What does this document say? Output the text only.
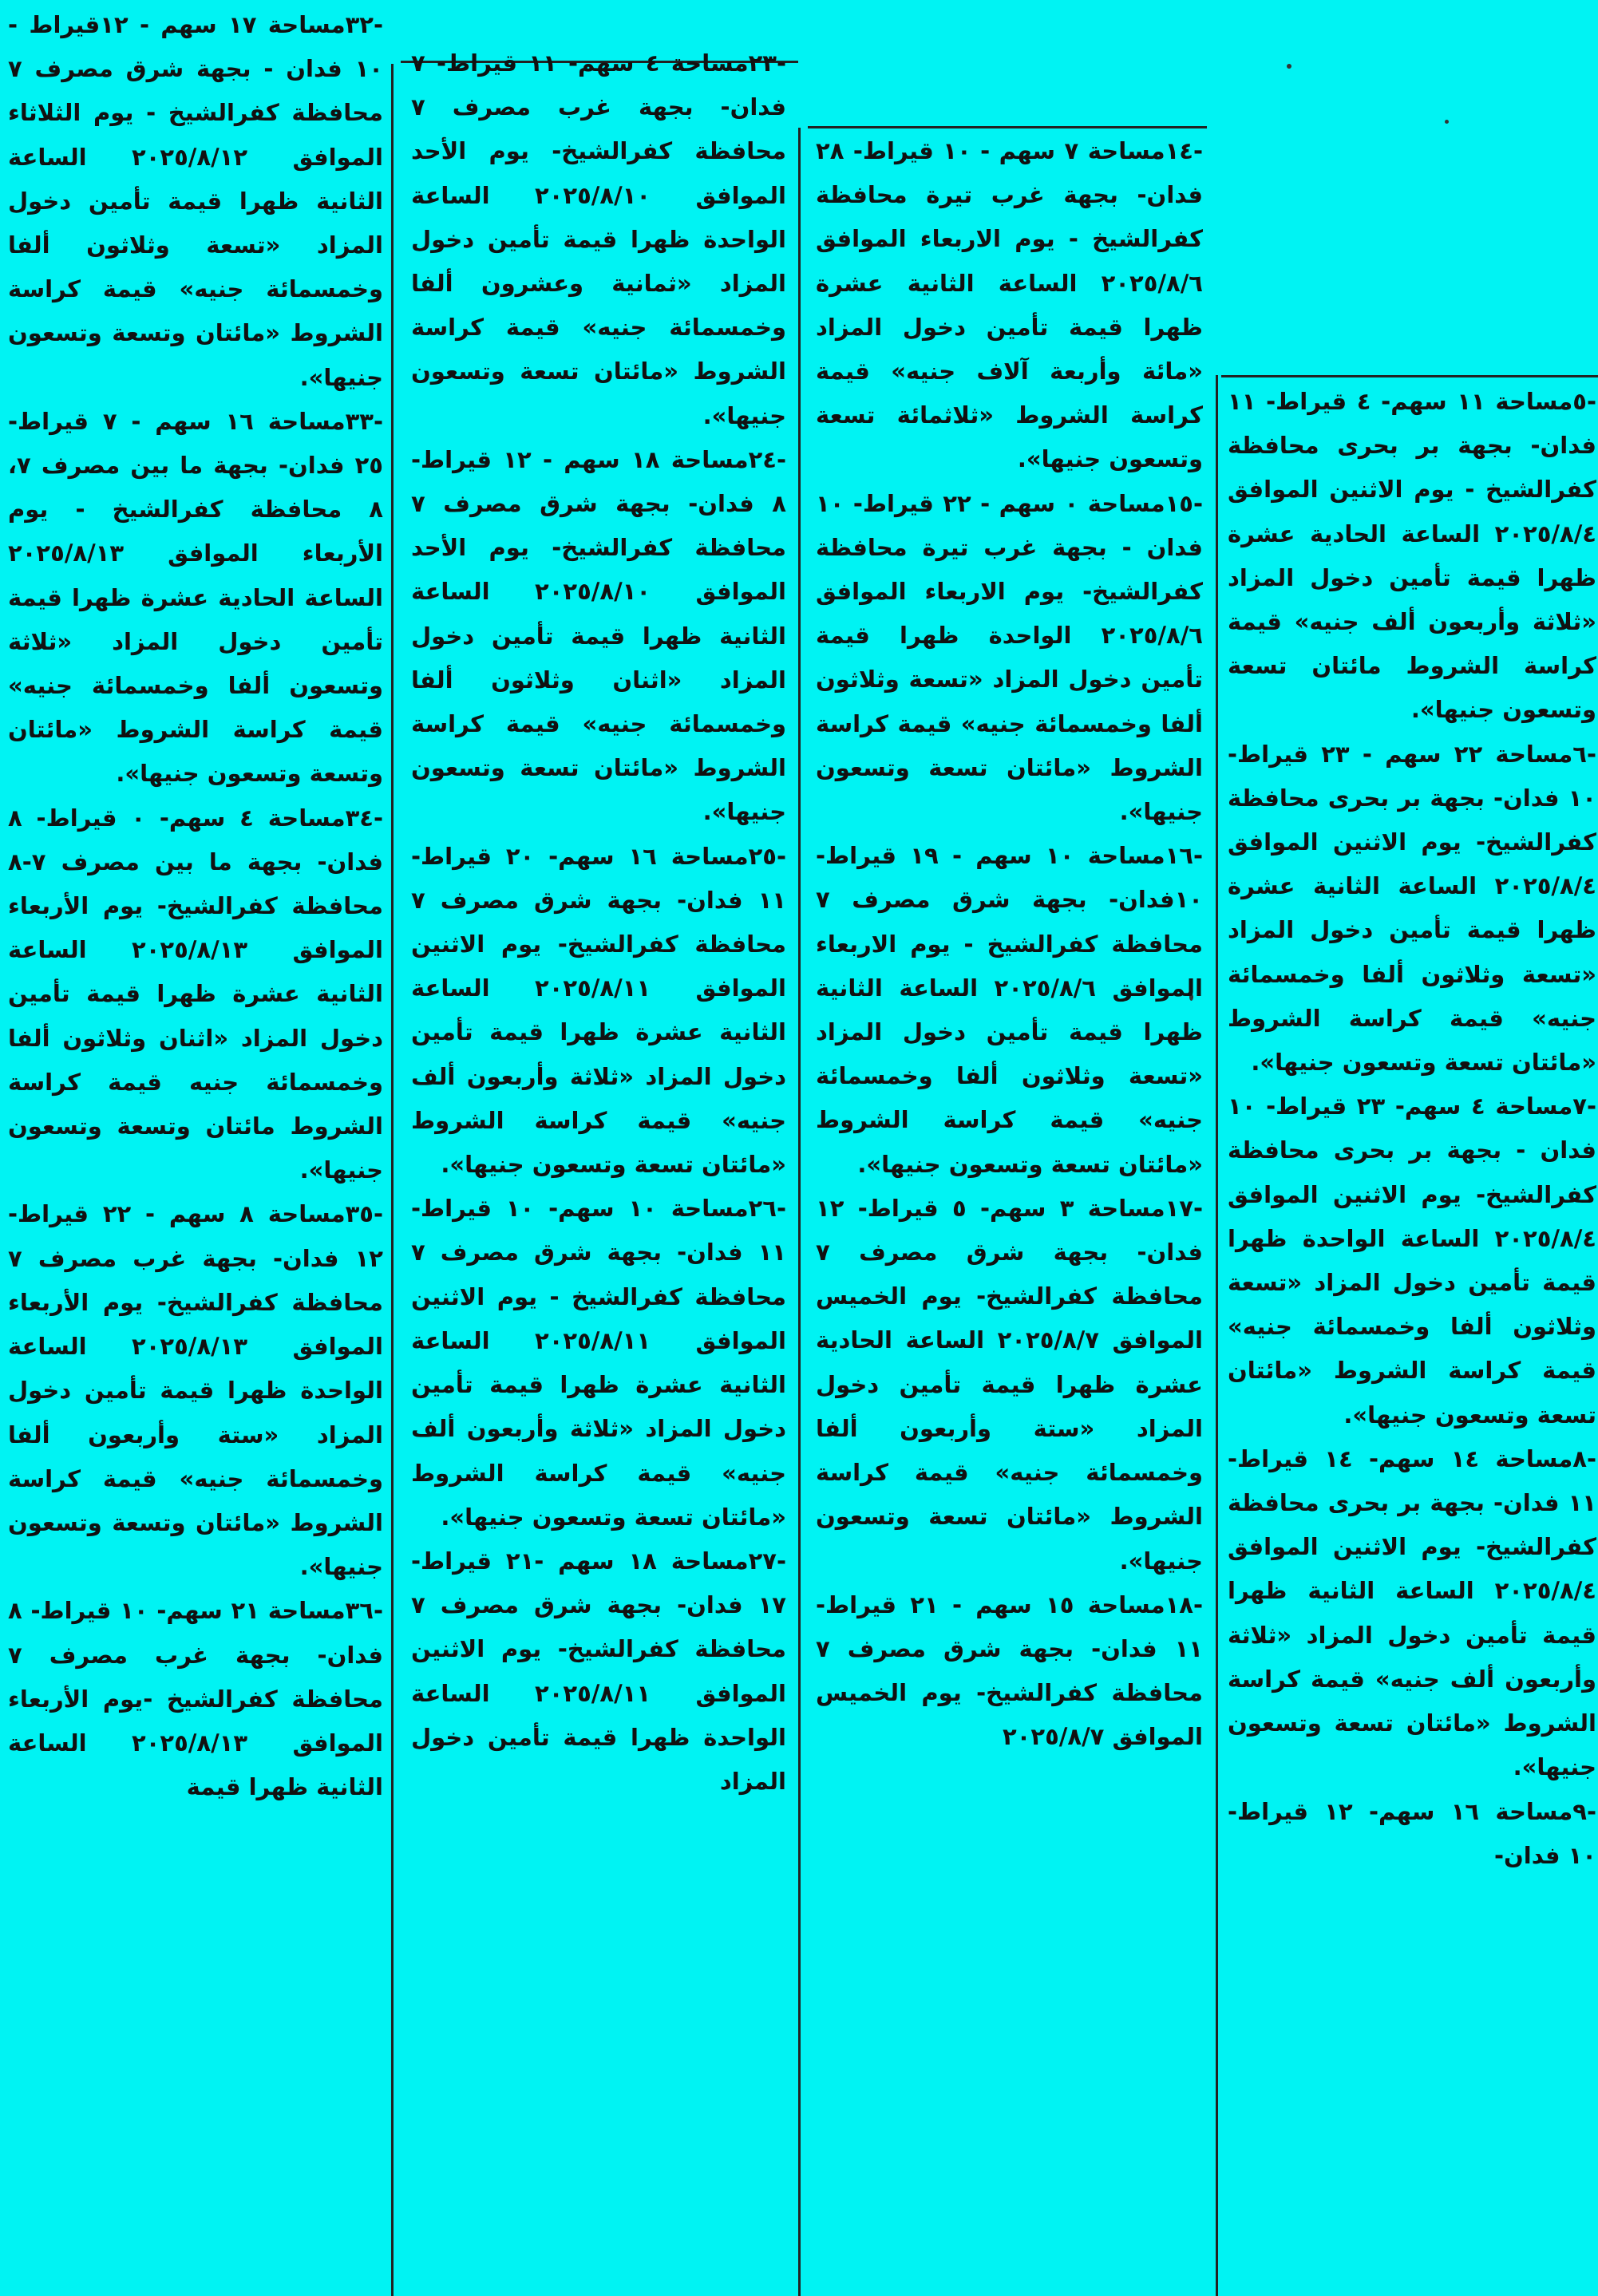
-٣٢مساحة ١٧ سهم - ١٢قيراط - ١٠ فدان - بجهة شرق مصرف ٧ محافظة كفرالشيخ - يوم الثلاثاء الموافق ٢٠٢٥/٨/١٢ الساعة الثانية ظهرا قيمة تأمين دخول المزاد «تسعة وثلاثون ألفا وخمسمائة جنيه» قيمة كراسة الشروط «مائتان وتسعة وتسعون جنيها».

-٣٣مساحة ١٦ سهم - ٧ قيراط- ٢٥ فدان- بجهة ما بين مصرف ٧، ٨ محافظة كفرالشيخ - يوم الأربعاء الموافق ٢٠٢٥/٨/١٣ الساعة الحادية عشرة ظهرا قيمة تأمين دخول المزاد «ثلاثة وتسعون ألفا وخمسمائة جنيه» قيمة كراسة الشروط «مائتان وتسعة وتسعون جنيها».

-٣٤مساحة ٤ سهم- ٠ قيراط- ٨ فدان- بجهة ما بين مصرف ٧-٨ محافظة كفرالشيخ- يوم الأربعاء الموافق ٢٠٢٥/٨/١٣ الساعة الثانية عشرة ظهرا قيمة تأمين دخول المزاد «اثنان وثلاثون ألفا وخمسمائة جنيه قيمة كراسة الشروط مائتان وتسعة وتسعون جنيها».

-٣٥مساحة ٨ سهم - ٢٢ قيراط- ١٢ فدان- بجهة غرب مصرف ٧ محافظة كفرالشيخ- يوم الأربعاء الموافق ٢٠٢٥/٨/١٣ الساعة الواحدة ظهرا قيمة تأمين دخول المزاد «ستة وأربعون ألفا وخمسمائة جنيه» قيمة كراسة الشروط «مائتان وتسعة وتسعون جنيها».

-٣٦مساحة ٢١ سهم- ١٠ قيراط- ٨ فدان- بجهة غرب مصرف ٧ محافظة كفرالشيخ -يوم الأربعاء الموافق ٢٠٢٥/٨/١٣ الساعة الثانية ظهرا قيمة

-٢٣مساحة ٤ سهم- ١١ قيراط- ٧ فدان- بجهة غرب مصرف ٧ محافظة كفرالشيخ- يوم الأحد الموافق ٢٠٢٥/٨/١٠ الساعة الواحدة ظهرا قيمة تأمين دخول المزاد «ثمانية وعشرون ألفا وخمسمائة جنيه» قيمة كراسة الشروط «مائتان تسعة وتسعون جنيها».

-٢٤مساحة ١٨ سهم - ١٢ قيراط- ٨ فدان- بجهة شرق مصرف ٧ محافظة كفرالشيخ- يوم الأحد الموافق ٢٠٢٥/٨/١٠ الساعة الثانية ظهرا قيمة تأمين دخول المزاد «اثنان وثلاثون ألفا وخمسمائة جنيه» قيمة كراسة الشروط «مائتان تسعة وتسعون جنيها».

-٢٥مساحة ١٦ سهم- ٢٠ قيراط- ١١ فدان- بجهة شرق مصرف ٧ محافظة كفرالشيخ- يوم الاثنين الموافق ٢٠٢٥/٨/١١ الساعة الثانية عشرة ظهرا قيمة تأمين دخول المزاد «ثلاثة وأربعون ألف جنيه» قيمة كراسة الشروط «مائتان تسعة وتسعون جنيها».

-٢٦مساحة ١٠ سهم- ١٠ قيراط- ١١ فدان- بجهة شرق مصرف ٧ محافظة كفرالشيخ - يوم الاثنين الموافق ٢٠٢٥/٨/١١ الساعة الثانية عشرة ظهرا قيمة تأمين دخول المزاد «ثلاثة وأربعون ألف جنيه» قيمة كراسة الشروط «مائتان تسعة وتسعون جنيها».

-٢٧مساحة ١٨ سهم -٢١ قيراط- ١٧ فدان- بجهة شرق مصرف ٧ محافظة كفرالشيخ- يوم الاثنين الموافق ٢٠٢٥/٨/١١ الساعة الواحدة ظهرا قيمة تأمين دخول المزاد

-١٤مساحة ٧ سهم - ١٠ قيراط- ٢٨ فدان- بجهة غرب تيرة محافظة كفرالشيخ - يوم الاربعاء الموافق ٢٠٢٥/٨/٦ الساعة الثانية عشرة ظهرا قيمة تأمين دخول المزاد «مائة وأربعة آلاف جنيه» قيمة كراسة الشروط «ثلاثمائة تسعة وتسعون جنيها».

-١٥مساحة ٠ سهم - ٢٢ قيراط- ١٠ فدان - بجهة غرب تيرة محافظة كفرالشيخ- يوم الاربعاء الموافق ٢٠٢٥/٨/٦ الواحدة ظهرا قيمة تأمين دخول المزاد «تسعة وثلاثون ألفا وخمسمائة جنيه» قيمة كراسة الشروط «مائتان تسعة وتسعون جنيها».

-١٦مساحة ١٠ سهم - ١٩ قيراط- ١٠فدان- بجهة شرق مصرف ٧ محافظة كفرالشيخ - يوم الاربعاء الموافق ٢٠٢٥/٨/٦ الساعة الثانية ظهرا قيمة تأمين دخول المزاد «تسعة وثلاثون ألفا وخمسمائة جنيه» قيمة كراسة الشروط «مائتان تسعة وتسعون جنيها».

-١٧مساحة ٣ سهم- ٥ قيراط- ١٢ فدان- بجهة شرق مصرف ٧ محافظة كفرالشيخ- يوم الخميس الموافق ٢٠٢٥/٨/٧ الساعة الحادية عشرة ظهرا قيمة تأمين دخول المزاد «ستة وأربعون ألفا وخمسمائة جنيه» قيمة كراسة الشروط «مائتان تسعة وتسعون جنيها».

-١٨مساحة ١٥ سهم - ٢١ قيراط- ١١ فدان- بجهة شرق مصرف ٧ محافظة كفرالشيخ- يوم الخميس الموافق ٢٠٢٥/٨/٧

-٥مساحة ١١ سهم- ٤ قيراط- ١١ فدان- بجهة بر بحرى محافظة كفرالشيخ - يوم الاثنين الموافق ٢٠٢٥/٨/٤ الساعة الحادية عشرة ظهرا قيمة تأمين دخول المزاد «ثلاثة وأربعون ألف جنيه» قيمة كراسة الشروط مائتان تسعة وتسعون جنيها».

-٦مساحة ٢٢ سهم - ٢٣ قيراط- ١٠ فدان- بجهة بر بحرى محافظة كفرالشيخ- يوم الاثنين الموافق ٢٠٢٥/٨/٤ الساعة الثانية عشرة ظهرا قيمة تأمين دخول المزاد «تسعة وثلاثون ألفا وخمسمائة جنيه» قيمة كراسة الشروط «مائتان تسعة وتسعون جنيها».

-٧مساحة ٤ سهم- ٢٣ قيراط- ١٠ فدان - بجهة بر بحرى محافظة كفرالشيخ- يوم الاثنين الموافق ٢٠٢٥/٨/٤ الساعة الواحدة ظهرا قيمة تأمين دخول المزاد «تسعة وثلاثون ألفا وخمسمائة جنيه» قيمة كراسة الشروط «مائتان تسعة وتسعون جنيها».

-٨مساحة ١٤ سهم- ١٤ قيراط- ١١ فدان- بجهة بر بحرى محافظة كفرالشيخ- يوم الاثنين الموافق ٢٠٢٥/٨/٤ الساعة الثانية ظهرا قيمة تأمين دخول المزاد «ثلاثة وأربعون ألف جنيه» قيمة كراسة الشروط «مائتان تسعة وتسعون جنيها».

-٩مساحة ١٦ سهم- ١٢ قيراط- ١٠ فدان-
